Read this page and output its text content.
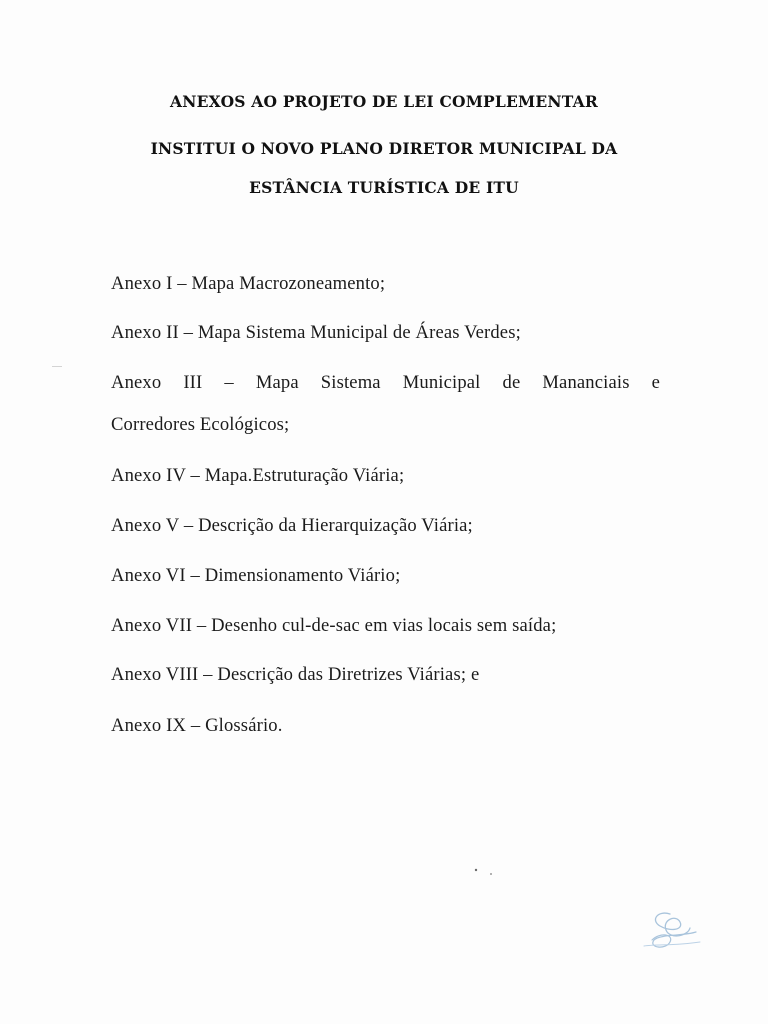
ANEXOS AO PROJETO DE LEI COMPLEMENTAR
INSTITUI O NOVO PLANO DIRETOR MUNICIPAL DA
ESTÂNCIA TURÍSTICA DE ITU
Anexo I – Mapa Macrozoneamento;
Anexo II – Mapa Sistema Municipal de Áreas Verdes;
Anexo III – Mapa Sistema Municipal de Mananciais e
Corredores Ecológicos;
Anexo IV – Mapa.Estruturação Viária;
Anexo V – Descrição da Hierarquização Viária;
Anexo VI – Dimensionamento Viário;
Anexo VII – Desenho cul-de-sac em vias locais sem saída;
Anexo VIII – Descrição das Diretrizes Viárias; e
Anexo IX – Glossário.
